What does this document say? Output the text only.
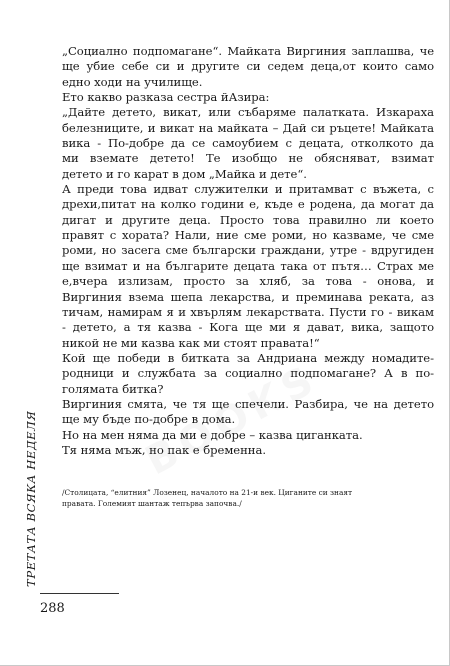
„Социално подпомагане“. Майката Виргиния заплашва, че
ще убие себе си и другите си седем деца,от които само
едно ходи на училище.
Ето какво разказа сестра йАзира:
„Дайте детето, викат, или събаряме палатката. Изкараха
белезниците, и викат на майката – Дай си ръцете! Майката
вика - По-добре да се самоубием с децата, отколкото да
ми вземате детето! Те изобщо не обясняват, взимат
детето и го карат в дом „Майка и дете“.
А преди това идват служителки и притамват с въжета, с
дрехи,питат на колко години е, къде е родена, да могат да
дигат и другите деца. Просто това правилно ли което
правят с хората? Нали, ние сме роми, но казваме, че сме
роми, но засега сме български граждани, утре - вдругиден
ще взимат и на българите децата така от пътя… Страх ме
е,вчера излизам, просто за хляб, за това - онова, и
Виргиния взема шепа лекарства, и преминава реката, аз
тичам, намирам я и хвърлям лекарствата. Пусти го - викам
- детето, а тя казва - Кога ще ми я дават, вика, защото
никой не ми казва как ми стоят правата!“
Кой ще победи в битката за Андриана между номадите-
родници и службата за социално подпомагане? А в по-
голямата битка?
Виргиния смята, че тя ще спечели. Разбира, че на детето
ще му бъде по-добре в дома.
Но на мен няма да ми е добре – казва циганката.
Тя няма мъж, но пак е бременна.
/Столицата, “елитния” Лозенец, началото на 21-и век. Циганите си знаят
правата. Големият шантаж тепърва започва./
ТРЕТАТА ВСЯКА НЕДЕЛЯ
288
